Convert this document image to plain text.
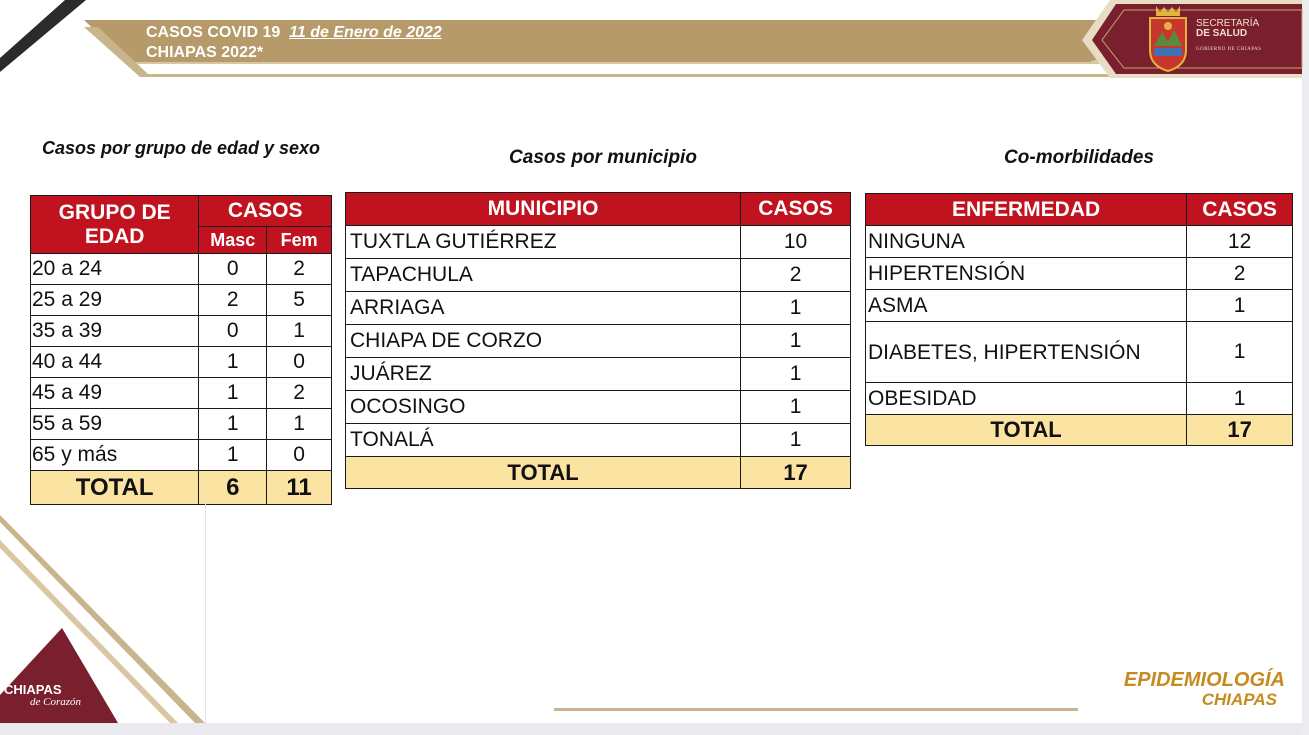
CASOS COVID 19 11 de Enero de 2022
CHIAPAS 2022*
SECRETARÍA
DE SALUD
GOBIERNO DE CHIAPAS
Casos por grupo de edad y sexo	Casos por municipio	Co-morbilidades
GRUPO DE EDAD	CASOS	
	Masc	Fem
20 a 24	0	2
25 a 29	2	5
35 a 39	0	1
40 a 44	1	0
45 a 49	1	2
55 a 59	1	1
65 y más	1	0
TOTAL	6	11
MUNICIPIO	CASOS
TUXTLA GUTIÉRREZ	10
TAPACHULA	2
ARRIAGA	1
CHIAPA DE CORZO	1
JUÁREZ	1
OCOSINGO	1
TONALÁ	1
TOTAL	17
ENFERMEDAD	CASOS
NINGUNA	12
HIPERTENSIÓN	2
ASMA	1
DIABETES, HIPERTENSIÓN	1
OBESIDAD	1
TOTAL	17
CHIAPAS
de Corazón
EPIDEMIOLOGÍA
CHIAPAS
